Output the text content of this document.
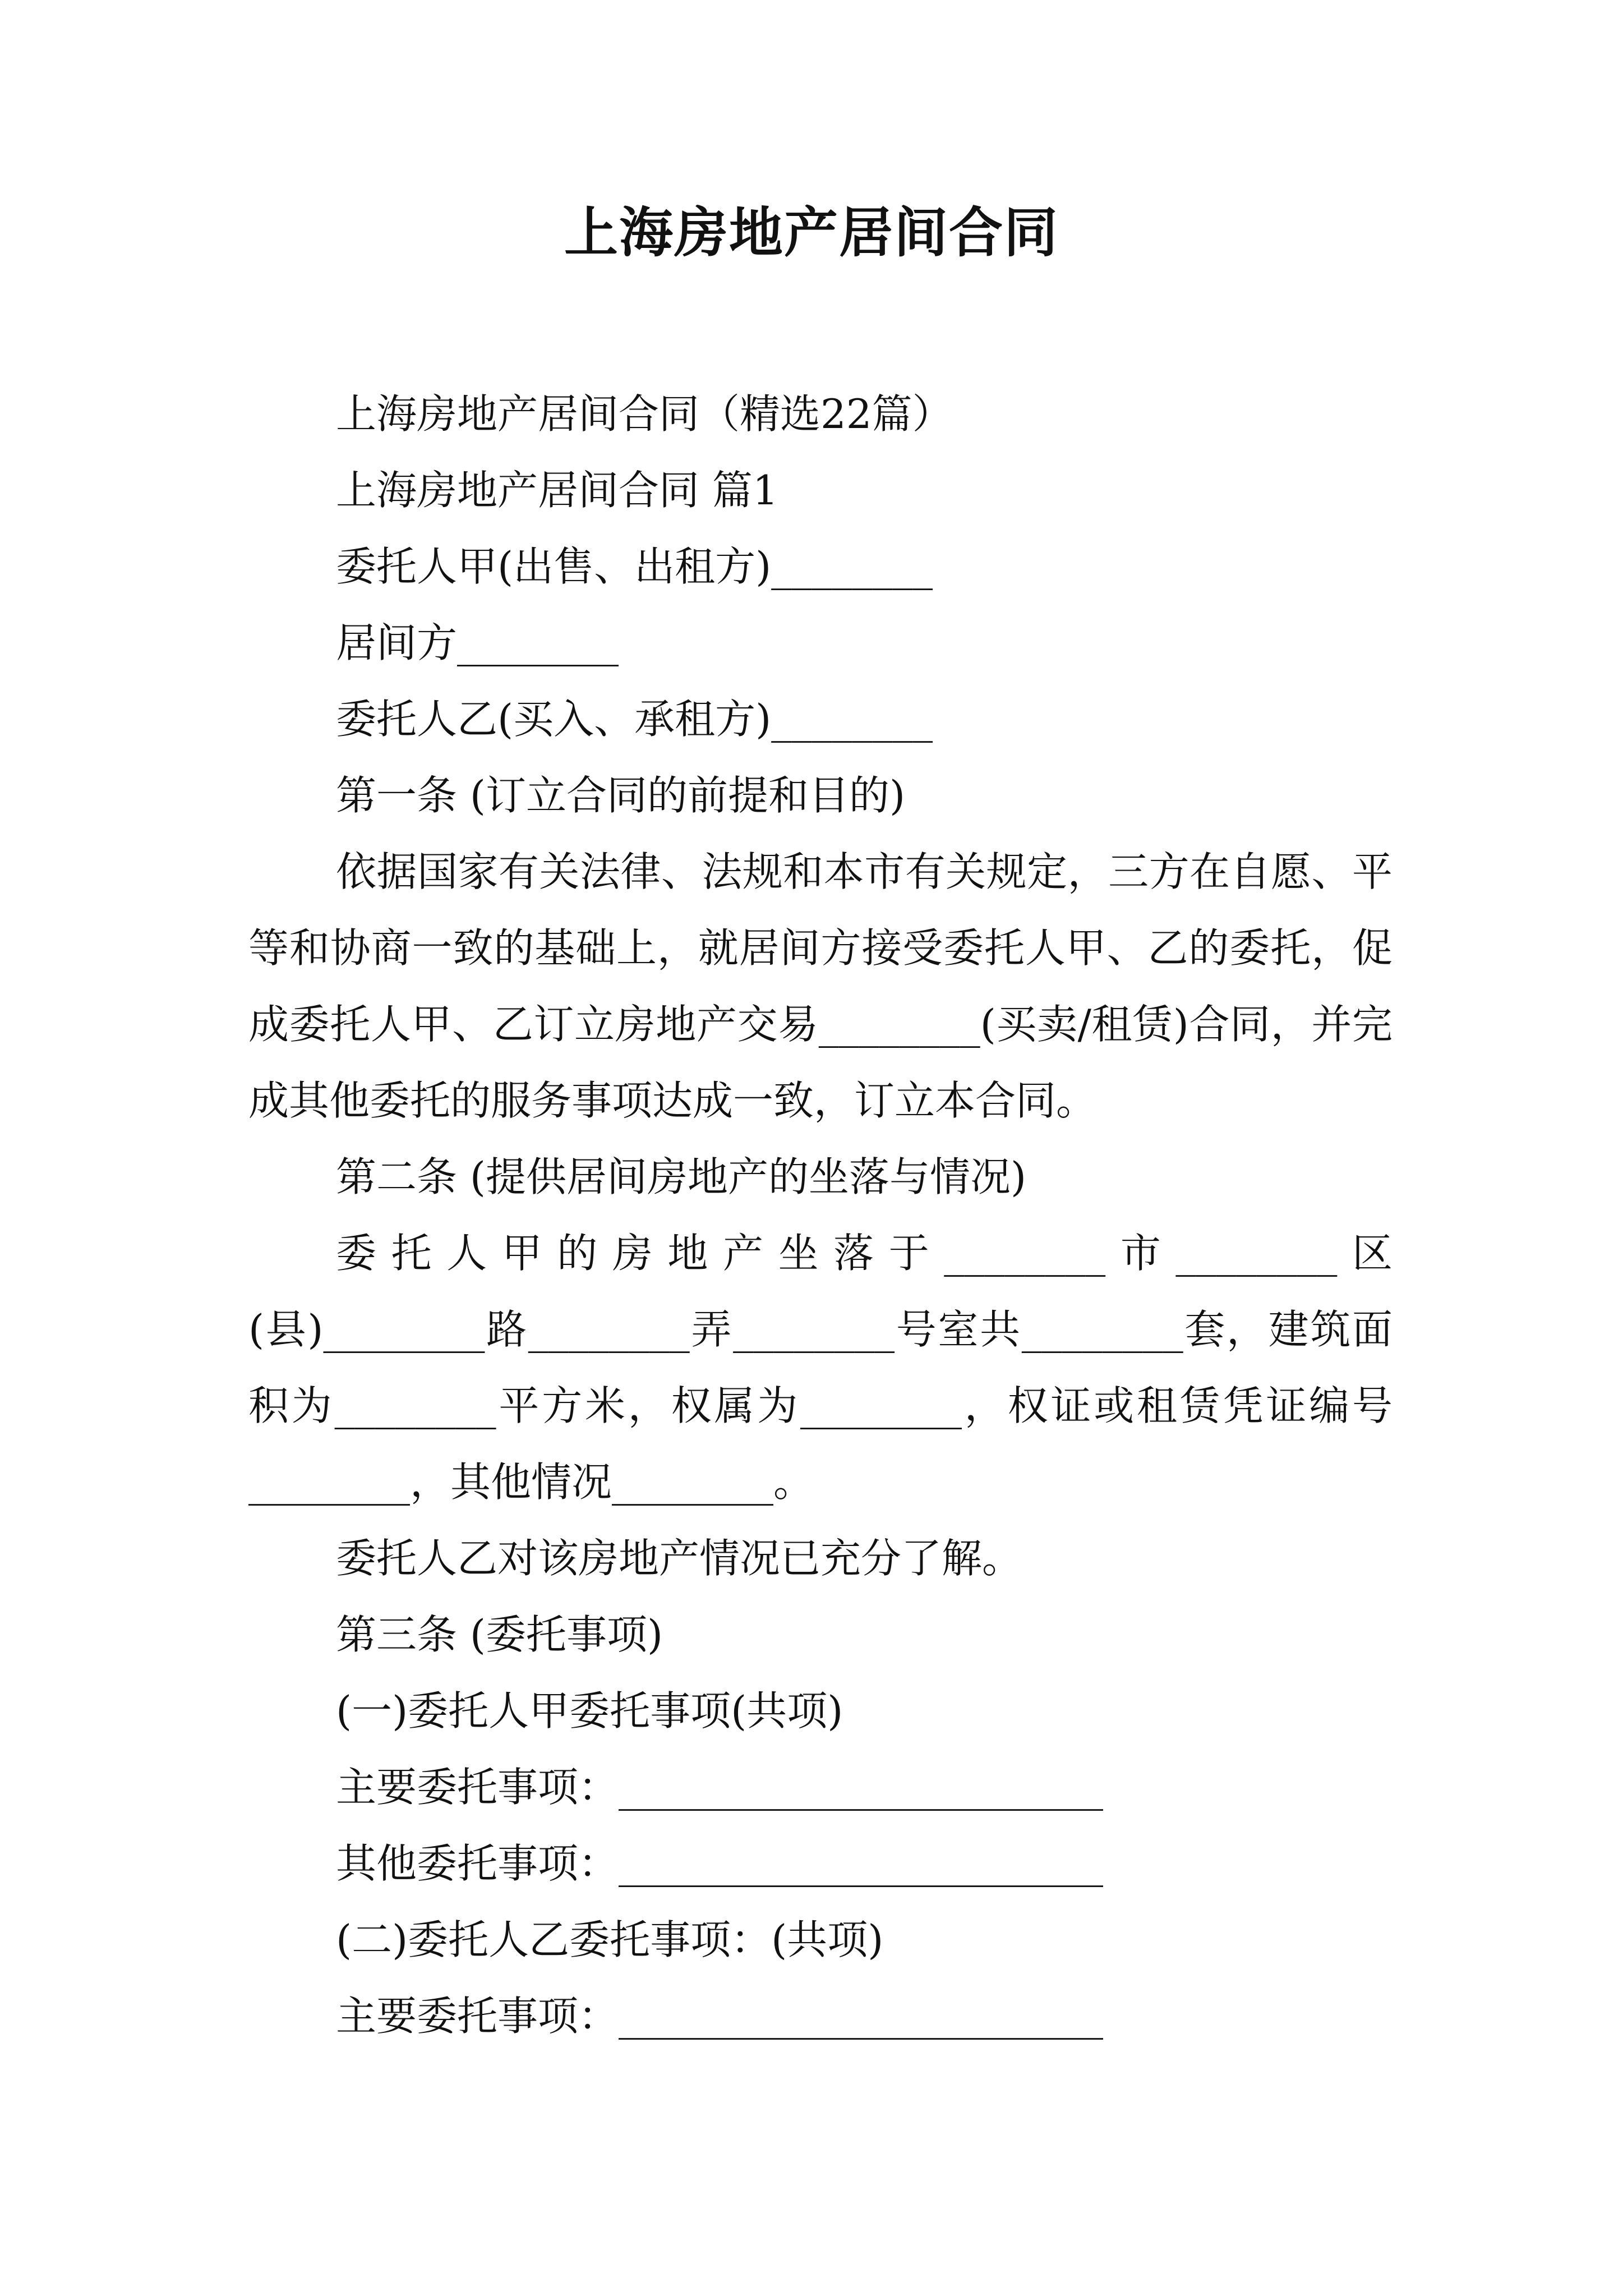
上海房地产居间合同

上海房地产居间合同（精选22篇）

上海房地产居间合同 篇1

委托人甲(出售、出租方)________

居间方________

委托人乙(买入、承租方)________

第一条 (订立合同的前提和目的)

依据国家有关法律、法规和本市有关规定，三方在自愿、平等和协商一致的基础上，就居间方接受委托人甲、乙的委托，促成委托人甲、乙订立房地产交易________(买卖/租赁)合同，并完成其他委托的服务事项达成一致，订立本合同。

第二条 (提供居间房地产的坐落与情况)

委托人甲的房地产坐落于________市________区(县)________路________弄________号室共________套，建筑面积为________平方米，权属为________，权证或租赁凭证编号________，其他情况________。

委托人乙对该房地产情况已充分了解。

第三条 (委托事项)

(一)委托人甲委托事项(共项)

主要委托事项：________________________

其他委托事项：________________________

(二)委托人乙委托事项：(共项)

主要委托事项：________________________
